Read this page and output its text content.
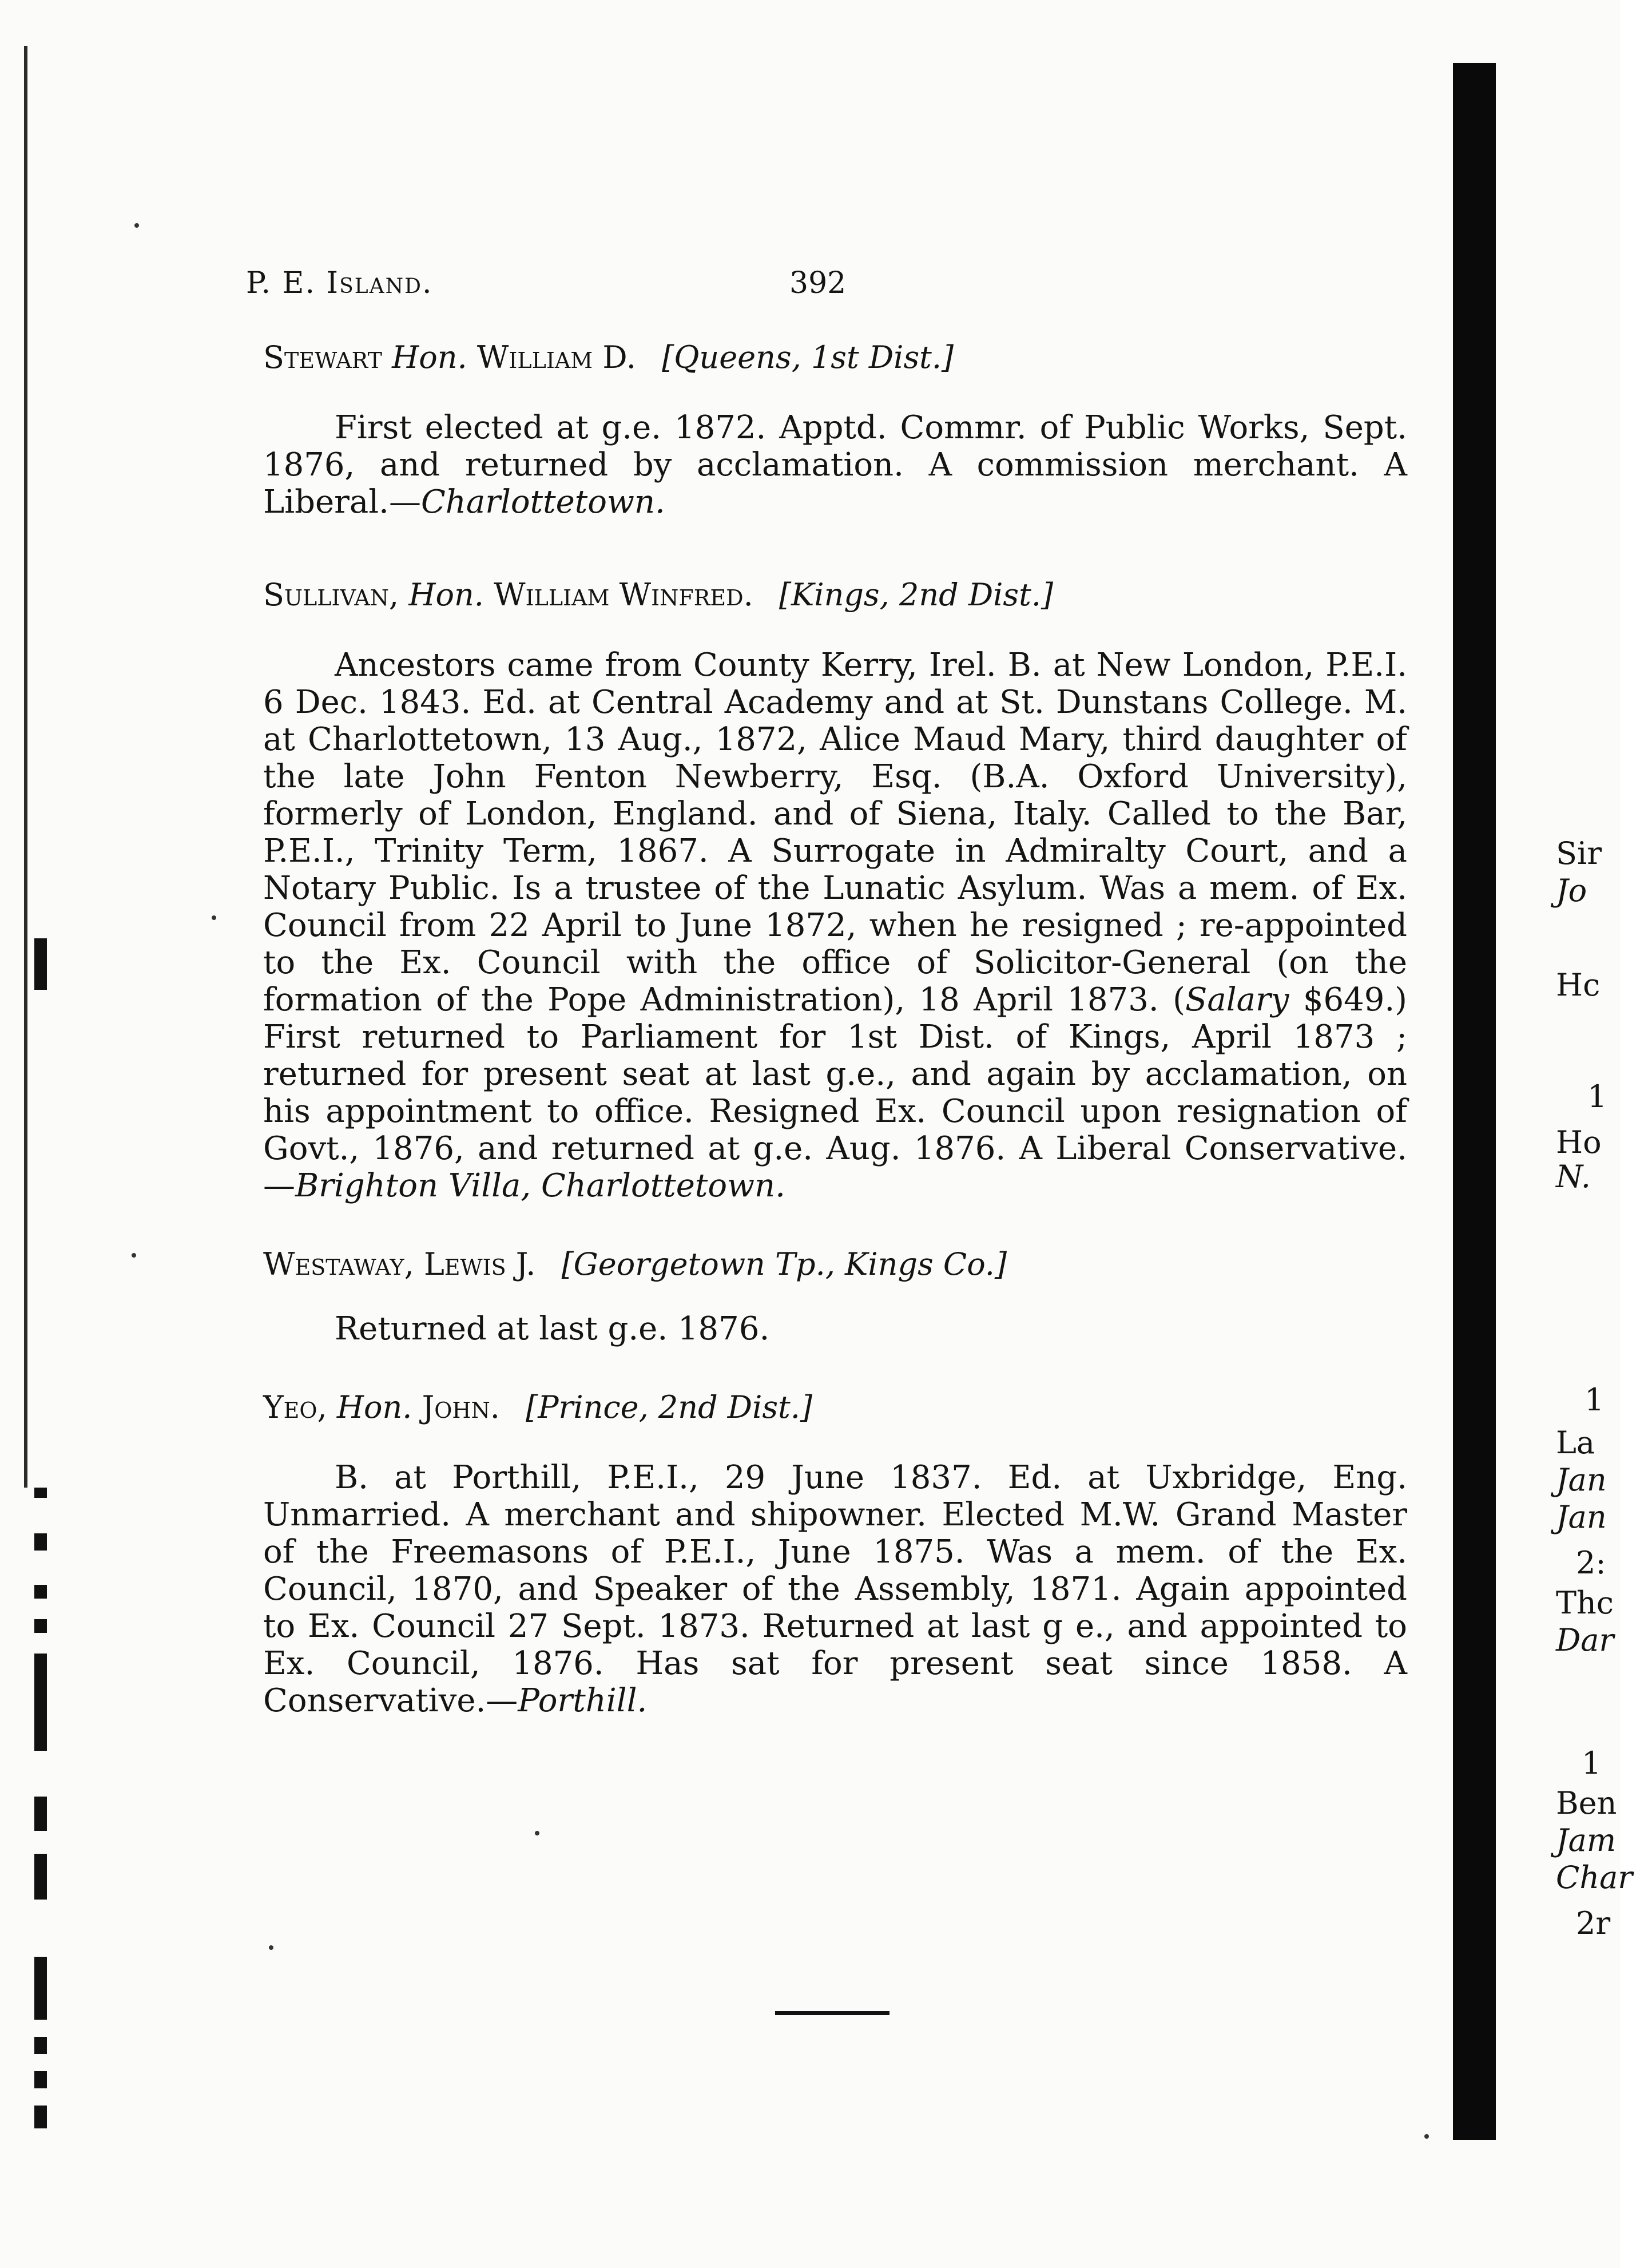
P. E. Island.	392

Stewart Hon. William D. [Queens, 1st Dist.]

First elected at g.e. 1872. Apptd. Commr. of Public Works, Sept. 1876, and returned by acclamation. A commission merchant. A Liberal.—Charlottetown.

Sullivan, Hon. William Winfred. [Kings, 2nd Dist.]

Ancestors came from County Kerry, Irel. B. at New London, P.E.I. 6 Dec. 1843. Ed. at Central Academy and at St. Dunstans College. M. at Charlottetown, 13 Aug., 1872, Alice Maud Mary, third daughter of the late John Fenton Newberry, Esq. (B.A. Oxford University), formerly of London, England. and of Siena, Italy. Called to the Bar, P.E.I., Trinity Term, 1867. A Surrogate in Admiralty Court, and a Notary Public. Is a trustee of the Lunatic Asylum. Was a mem. of Ex. Council from 22 April to June 1872, when he resigned ; re-appointed to the Ex. Council with the office of Solicitor-General (on the formation of the Pope Administration), 18 April 1873. (Salary $649.) First returned to Parliament for 1st Dist. of Kings, April 1873 ; returned for present seat at last g.e., and again by acclamation, on his appointment to office. Resigned Ex. Council upon resignation of Govt., 1876, and returned at g.e. Aug. 1876. A Liberal Conservative.—Brighton Villa, Charlottetown.

Westaway, Lewis J. [Georgetown Tp., Kings Co.]

Returned at last g.e. 1876.

Yeo, Hon. John. [Prince, 2nd Dist.]

B. at Porthill, P.E.I., 29 June 1837. Ed. at Uxbridge, Eng. Unmarried. A merchant and shipowner. Elected M.W. Grand Master of the Freemasons of P.E.I., June 1875. Was a mem. of the Ex. Council, 1870, and Speaker of the Assembly, 1871. Again appointed to Ex. Council 27 Sept. 1873. Returned at last g e., and appointed to Ex. Council, 1876. Has sat for present seat since 1858. A Conservative.—Porthill.

Sir
Jo
Hc
1
Ho
N.
1
La
Jan
Jan
2:
Thc
Dar
1
Ben
Jam
Char
2r
